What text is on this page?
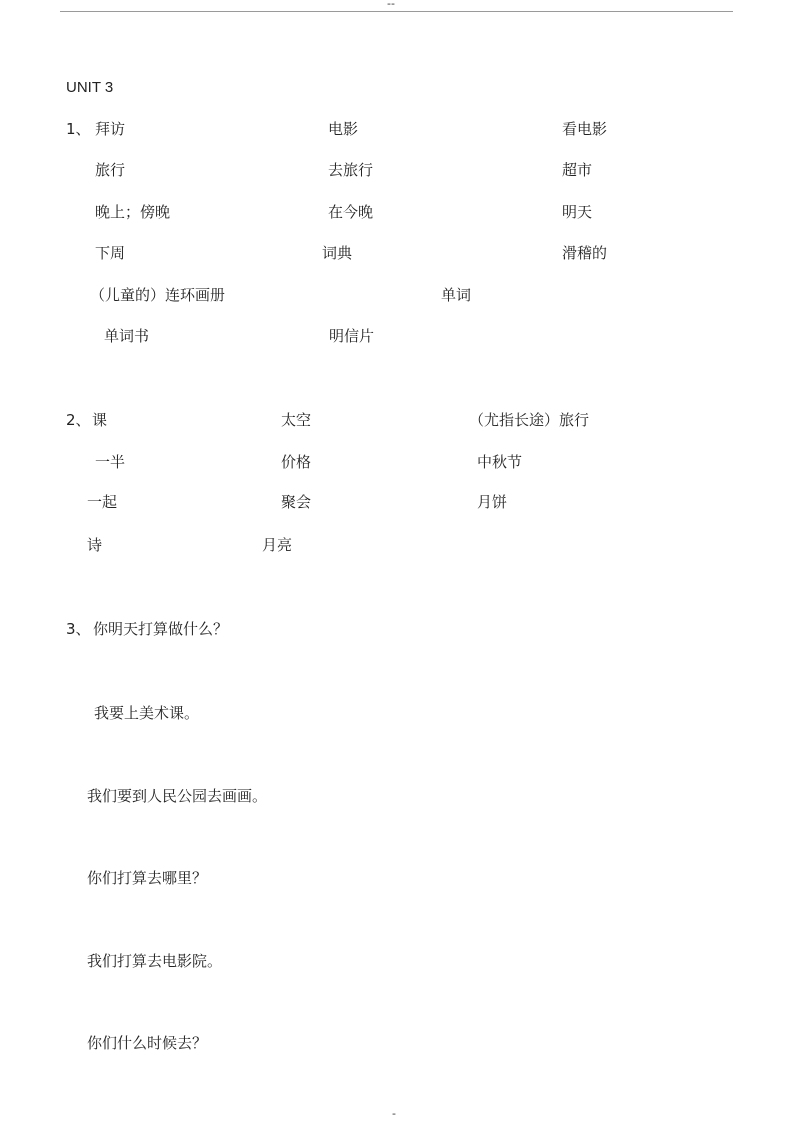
--
UNIT 3
1、 拜访	电影	看电影
旅行	去旅行	超市
晚上；傍晚	在今晚	明天
下周	词典	滑稽的
（儿童的）连环画册	单词
单词书	明信片
2、 课	太空	（尤指长途）旅行
一半	价格	中秋节
一起	聚会	月饼
诗	月亮
3、 你明天打算做什么？
我要上美术课。
我们要到人民公园去画画。
你们打算去哪里？
我们打算去电影院。
你们什么时候去？
-
